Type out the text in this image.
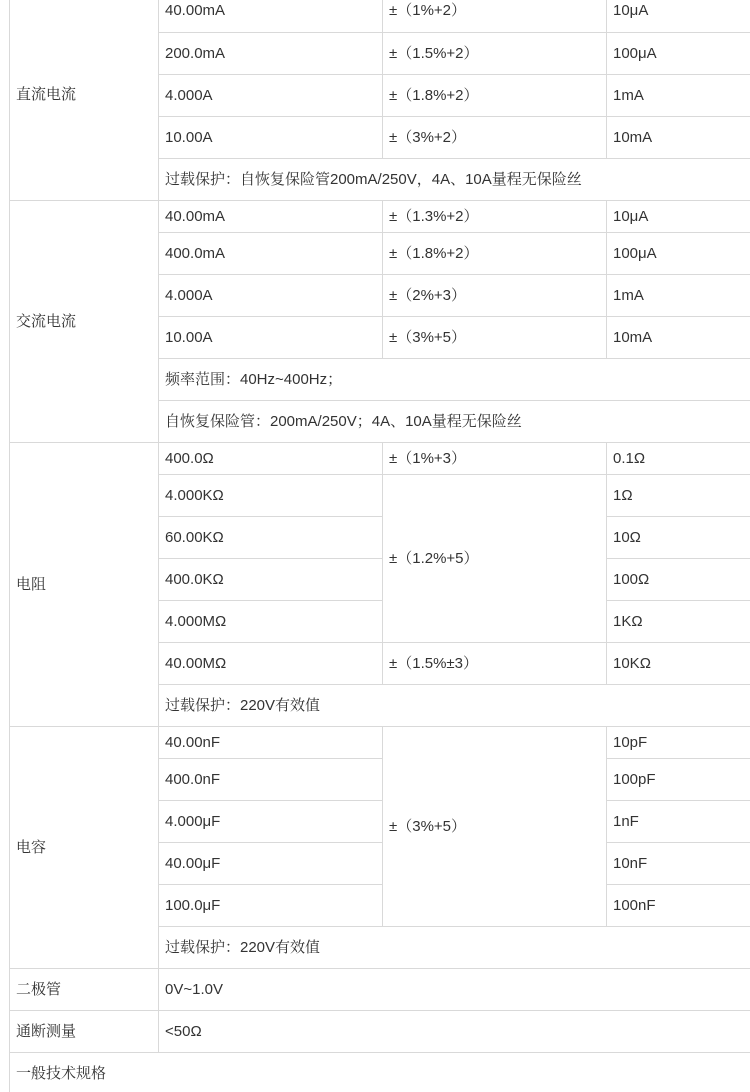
直流电流	40.00mA	±（1%+2）	10μA
	200.0mA	±（1.5%+2）	100μA
	4.000A	±（1.8%+2）	1mA
	10.00A	±（3%+2）	10mA
	过载保护：自恢复保险管200mA/250V，4A、10A量程无保险丝		
交流电流	40.00mA	±（1.3%+2）	10μA
	400.0mA	±（1.8%+2）	100μA
	4.000A	±（2%+3）	1mA
	10.00A	±（3%+5）	10mA
	频率范围：40Hz~400Hz；		
	自恢复保险管：200mA/250V；4A、10A量程无保险丝		
电阻	400.0Ω	±（1%+3）	0.1Ω
	4.000KΩ	±（1.2%+5）	1Ω
	60.00KΩ		10Ω
	400.0KΩ		100Ω
	4.000MΩ		1KΩ
	40.00MΩ	±（1.5%±3）	10KΩ
	过载保护：220V有效值		
电容	40.00nF	±（3%+5）	10pF
	400.0nF		100pF
	4.000μF		1nF
	40.00μF		10nF
	100.0μF		100nF
	过载保护：220V有效值		
二极管	0V~1.0V		
通断测量	<50Ω		
一般技术规格			
